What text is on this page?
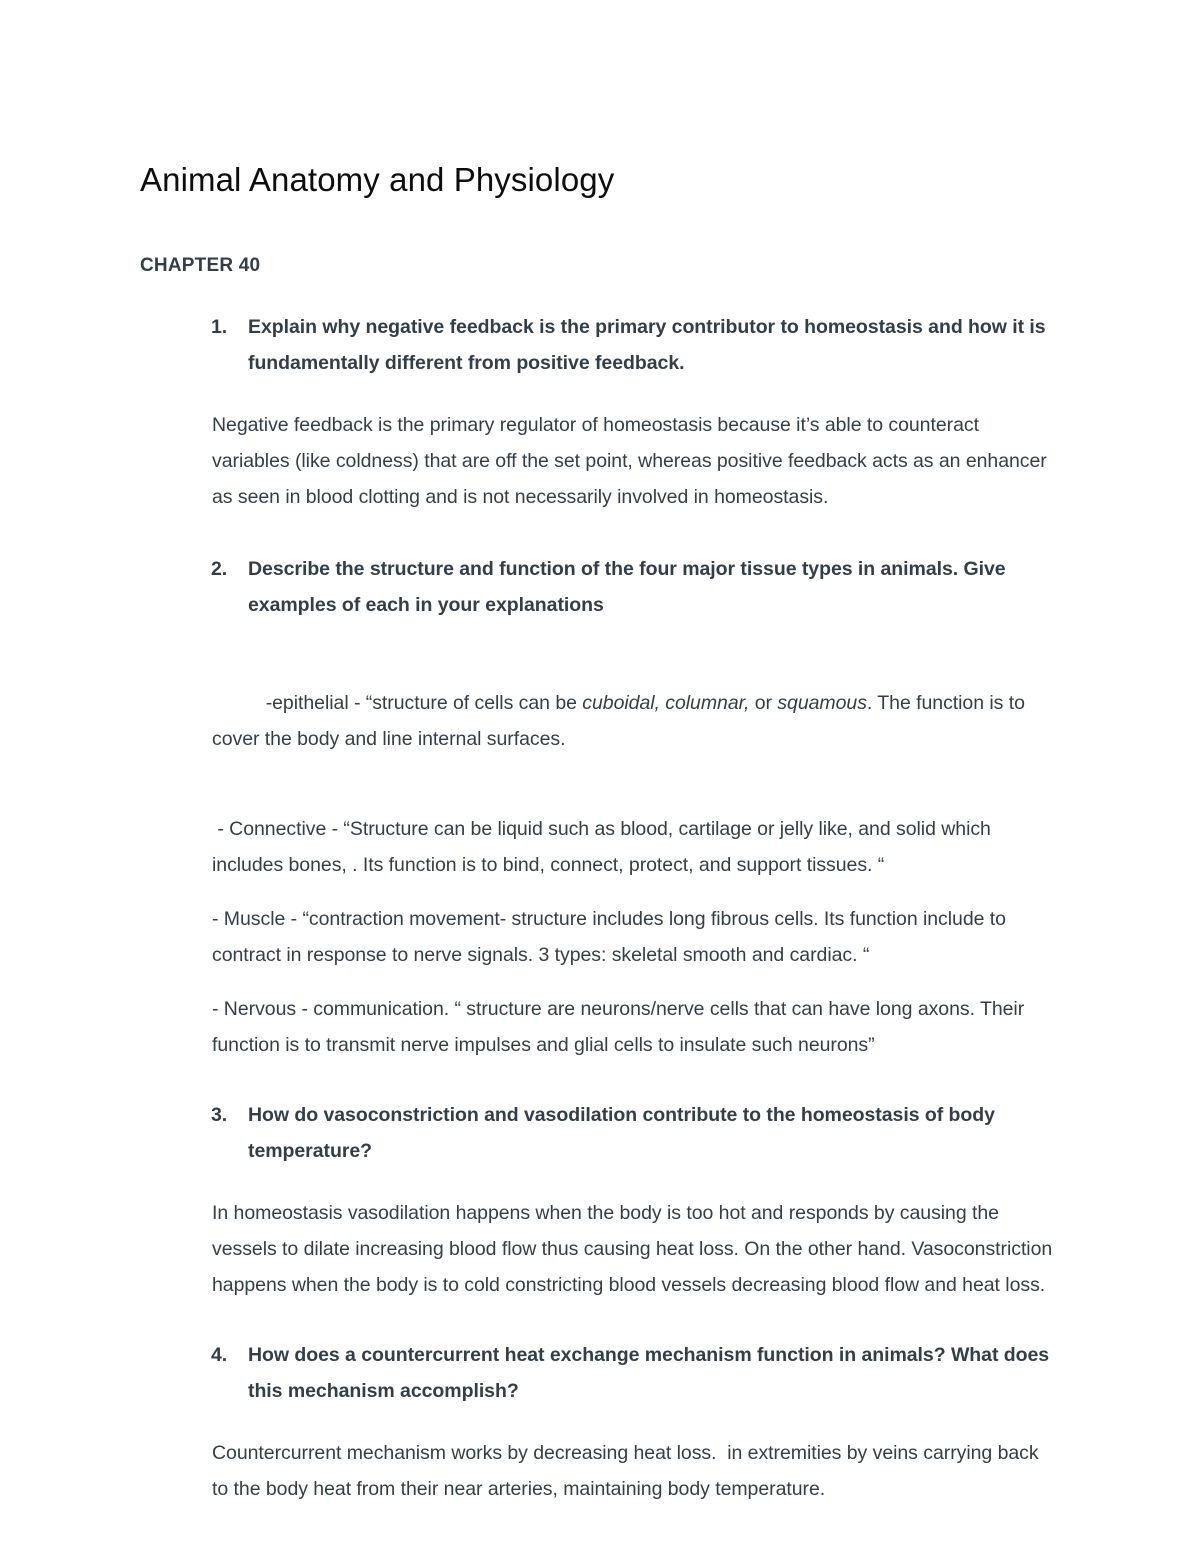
Animal Anatomy and Physiology
CHAPTER 40
1. Explain why negative feedback is the primary contributor to homeostasis and how it is fundamentally different from positive feedback.

Negative feedback is the primary regulator of homeostasis because it’s able to counteract variables (like coldness) that are off the set point, whereas positive feedback acts as an enhancer as seen in blood clotting and is not necessarily involved in homeostasis.

2. Describe the structure and function of the four major tissue types in animals. Give examples of each in your explanations

-epithelial - “structure of cells can be cuboidal, columnar, or squamous. The function is to cover the body and line internal surfaces.

- Connective - “Structure can be liquid such as blood, cartilage or jelly like, and solid which includes bones, . Its function is to bind, connect, protect, and support tissues. “

- Muscle - “contraction movement- structure includes long fibrous cells. Its function include to contract in response to nerve signals. 3 types: skeletal smooth and cardiac. “

- Nervous - communication. “ structure are neurons/nerve cells that can have long axons. Their function is to transmit nerve impulses and glial cells to insulate such neurons”

3. How do vasoconstriction and vasodilation contribute to the homeostasis of body temperature?

In homeostasis vasodilation happens when the body is too hot and responds by causing the vessels to dilate increasing blood flow thus causing heat loss. On the other hand. Vasoconstriction happens when the body is to cold constricting blood vessels decreasing blood flow and heat loss.

4. How does a countercurrent heat exchange mechanism function in animals? What does this mechanism accomplish?

Countercurrent mechanism works by decreasing heat loss.  in extremities by veins carrying back to the body heat from their near arteries, maintaining body temperature.
